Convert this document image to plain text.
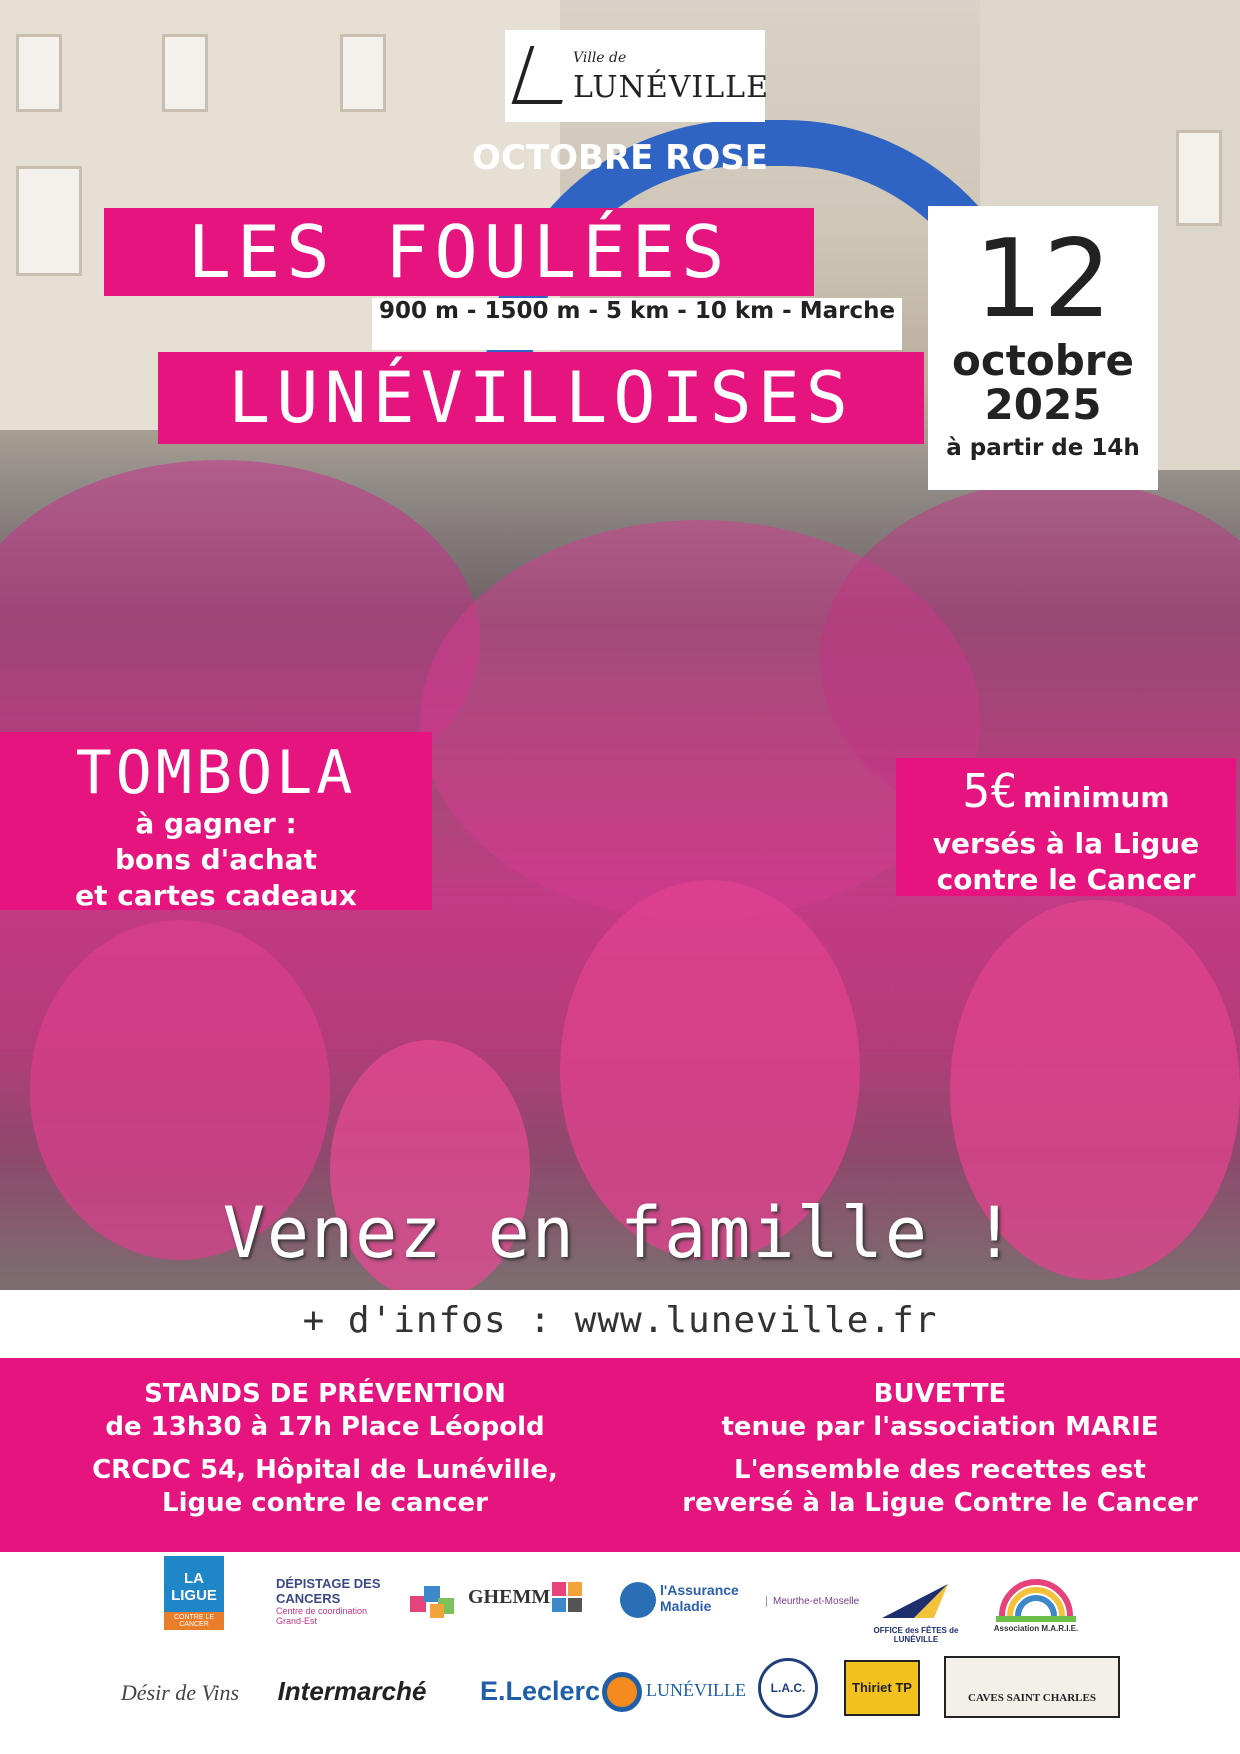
Ville de
LUNÉVILLE
OCTOBRE ROSE
LES FOULÉES
900 m - 1500 m - 5 km - 10 km - Marche
LUNÉVILLOISES
12
octobre
2025
à partir de 14h
TOMBOLA
à gagner :
bons d'achat
et cartes cadeaux
5€ minimum
versés à la Ligue
contre le Cancer
Venez en famille !
+ d'infos : www.luneville.fr
STANDS DE PRÉVENTION
de 13h30 à 17h Place Léopold
CRCDC 54, Hôpital de Lunéville,
Ligue contre le cancer
BUVETTE
tenue par l'association MARIE
L'ensemble des recettes est
reversé à la Ligue Contre le Cancer
LA LIGUE
CONTRE LE CANCER
DÉPISTAGE DES CANCERS
Centre de coordination Grand-Est
GHEMM	l'Assurance Maladie	Meurthe-et-Moselle
OFFICE des FÊTES de LUNÉVILLE
Association M.A.R.I.E.
Désir de Vins	Intermarché	E.Leclerc	LUNÉVILLE	L.A.C.	Thiriet TP
CAVES SAINT CHARLES
